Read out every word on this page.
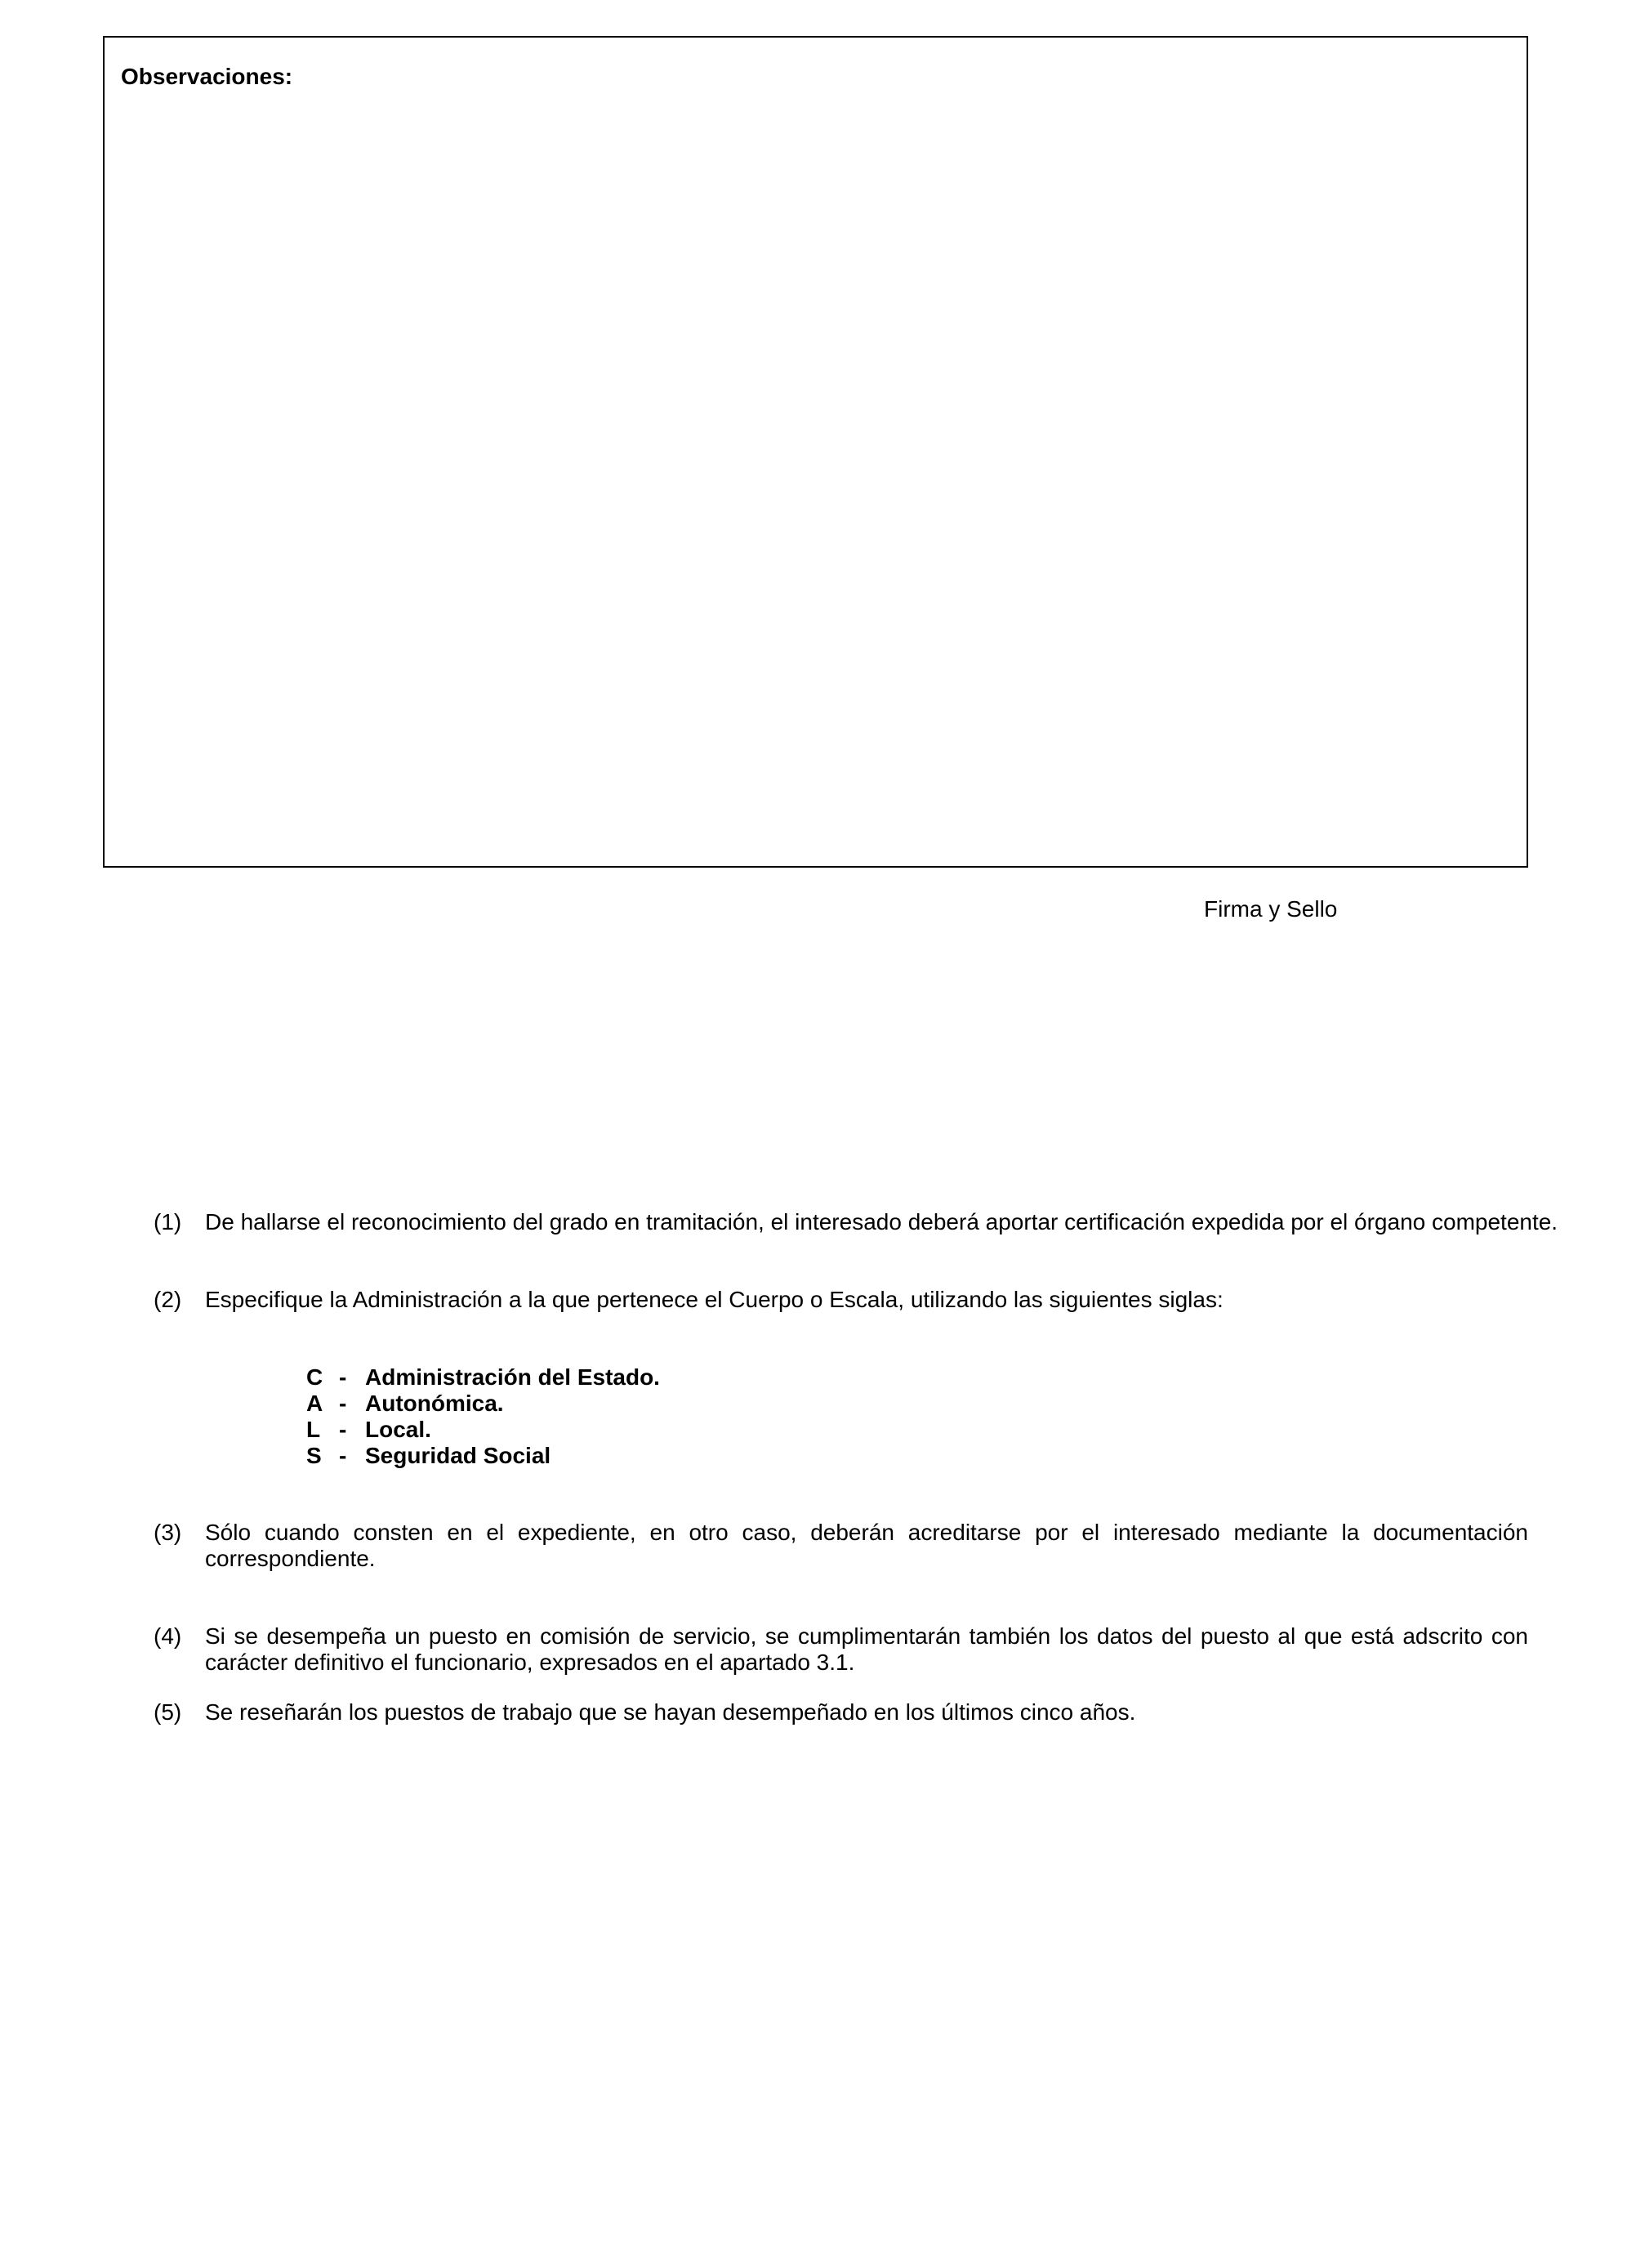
Observaciones:

Firma y Sello
(1) De hallarse el reconocimiento del grado en tramitación, el interesado deberá aportar certificación expedida por el órgano competente.
(2) Especifique la Administración a la que pertenece el Cuerpo o Escala, utilizando las siguientes siglas:
C - Administración del Estado.
A - Autonómica.
L - Local.
S - Seguridad Social
(3) Sólo cuando consten en el expediente, en otro caso, deberán acreditarse por el interesado mediante la documentación correspondiente.
(4) Si se desempeña un puesto en comisión de servicio, se cumplimentarán también los datos del puesto al que está adscrito con carácter definitivo el funcionario, expresados en el apartado 3.1.
(5) Se reseñarán los puestos de trabajo que se hayan desempeñado en los últimos cinco años.
